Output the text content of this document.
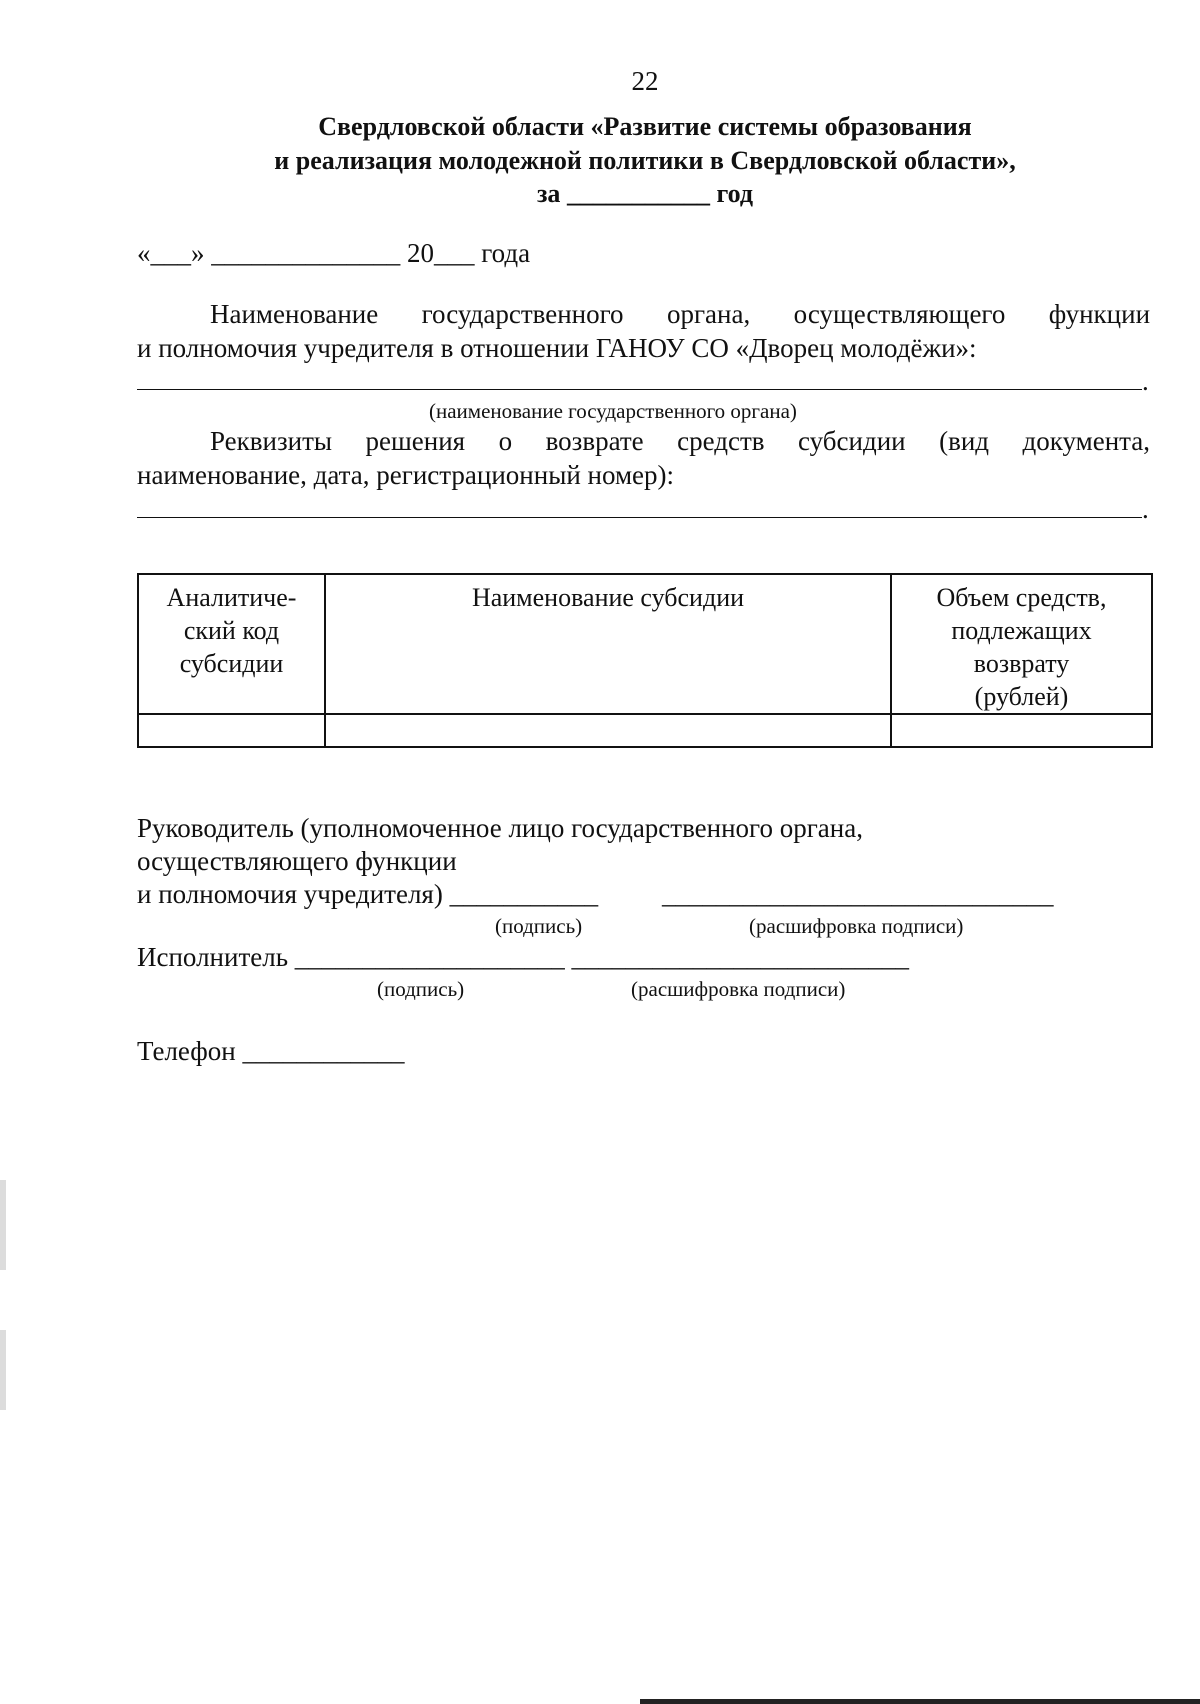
22
Свердловской области «Развитие системы образования
и реализация молодежной политики в Свердловской области»,
за ___________ год
«___» ______________ 20___ года
Наименование государственного органа, осуществляющего функции
и полномочия учредителя в отношении ГАНОУ СО «Дворец молодёжи»:
.
(наименование государственного органа)
Реквизиты решения о возврате средств субсидии (вид документа,
наименование, дата, регистрационный номер):
.
Аналитиче-
ский код
субсидии	Наименование субсидии	Объем средств,
подлежащих
возврату
(рублей)

Руководитель (уполномоченное лицо государственного органа,
осуществляющего функции
и полномочия учредителя) ___________ _____________________________
(подпись)	(расшифровка подписи)
Исполнитель ____________________ _________________________
(подпись)	(расшифровка подписи)
Телефон ____________
